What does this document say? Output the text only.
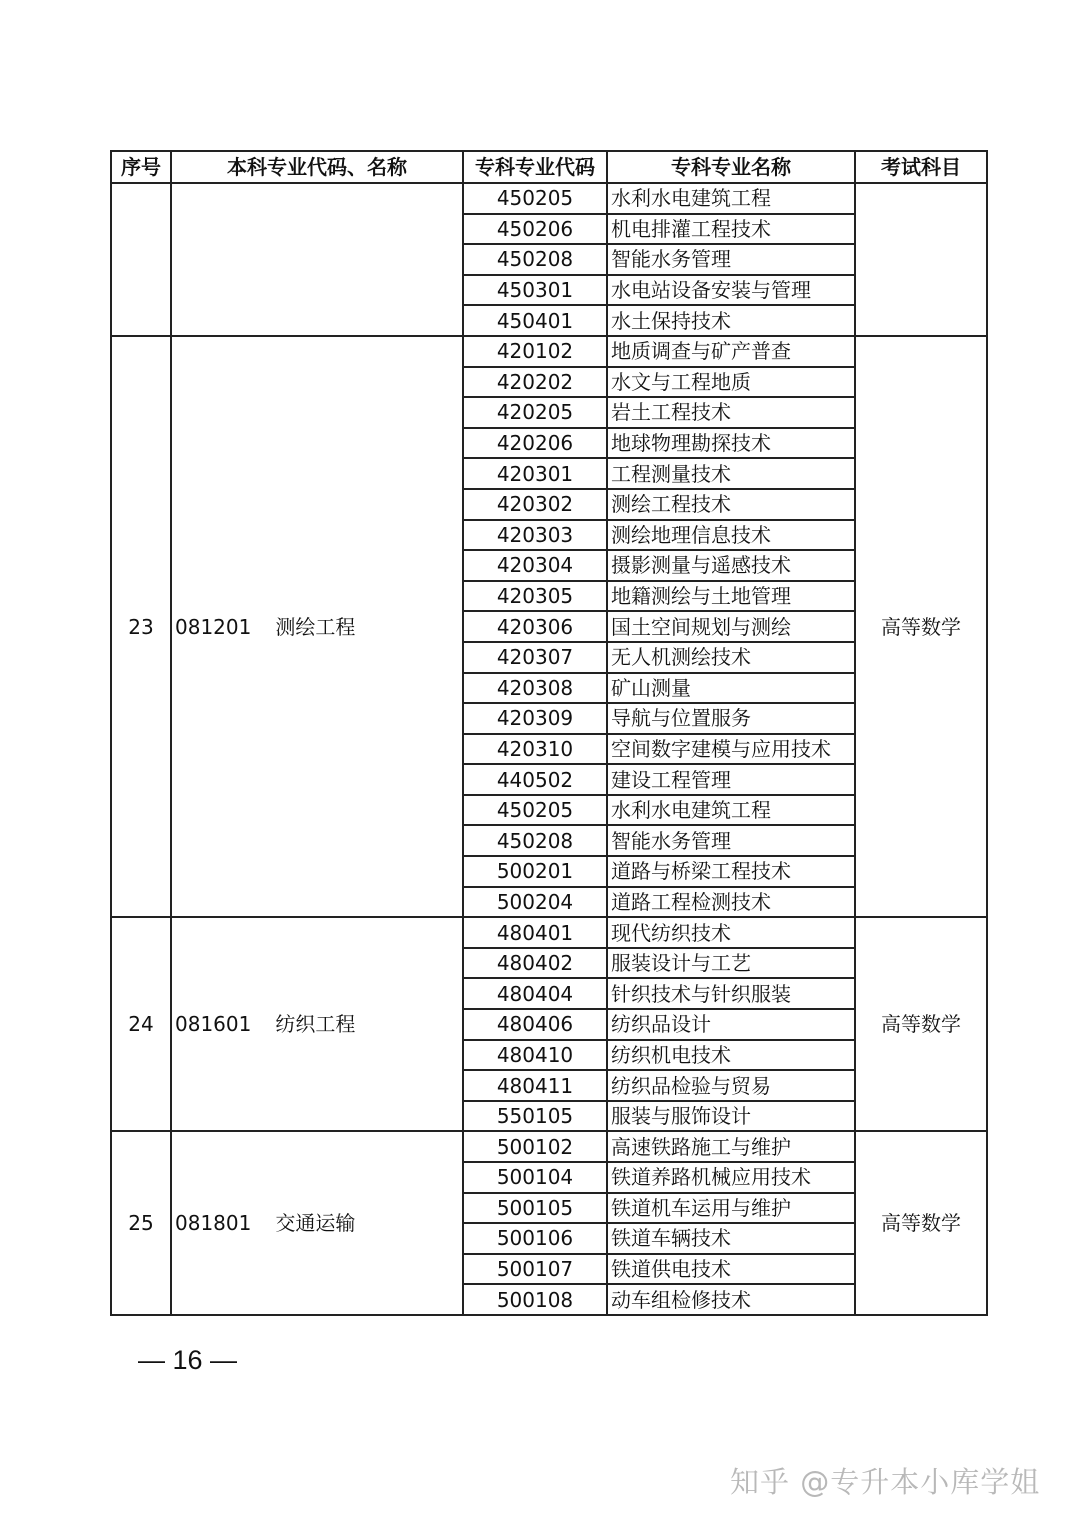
序号	本科专业代码、名称	专科专业代码	专科专业名称	考试科目
		450205	水利水电建筑工程	
		450206	机电排灌工程技术	
		450208	智能水务管理	
		450301	水电站设备安装与管理	
		450401	水土保持技术	
23	081201 测绘工程	420102	地质调查与矿产普查	高等数学
		420202	水文与工程地质	
		420205	岩土工程技术	
		420206	地球物理勘探技术	
		420301	工程测量技术	
		420302	测绘工程技术	
		420303	测绘地理信息技术	
		420304	摄影测量与遥感技术	
		420305	地籍测绘与土地管理	
		420306	国土空间规划与测绘	
		420307	无人机测绘技术	
		420308	矿山测量	
		420309	导航与位置服务	
		420310	空间数字建模与应用技术	
		440502	建设工程管理	
		450205	水利水电建筑工程	
		450208	智能水务管理	
		500201	道路与桥梁工程技术	
		500204	道路工程检测技术	
24	081601 纺织工程	480401	现代纺织技术	高等数学
		480402	服装设计与工艺	
		480404	针织技术与针织服装	
		480406	纺织品设计	
		480410	纺织机电技术	
		480411	纺织品检验与贸易	
		550105	服装与服饰设计	
25	081801 交通运输	500102	高速铁路施工与维护	高等数学
		500104	铁道养路机械应用技术	
		500105	铁道机车运用与维护	
		500106	铁道车辆技术	
		500107	铁道供电技术	
		500108	动车组检修技术	
— 16 —
知乎 @专升本小库学姐
